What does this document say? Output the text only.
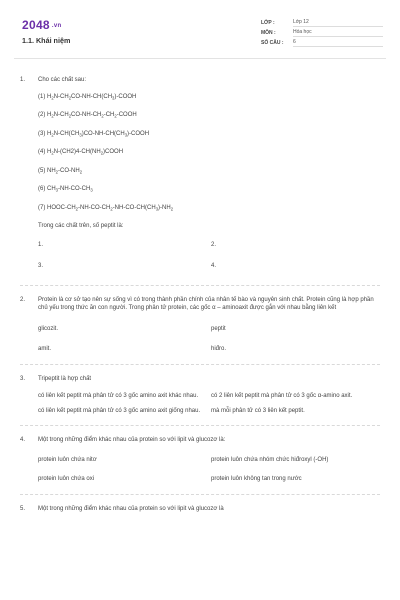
2048 $^{.vn}$
1.1. Khái niệm
LỚP :	Lớp 12
MÔN :	Hóa học
SỐ CÂU :	6
1. Cho các chất sau:
(1) $H_2N-CH_2CO-NH-CH(CH_3)$-COOH
(2) $H_2N-CH_2CO-NH-CH_2-CH_2$-COOH
(3) $H_2N-CH(CH_3)CO-NH-CH(CH_3)$-COOH
(4) $H_2N-(CH2)4-CH(NH_2)COOH$
(5) $NH_2-CO-NH_2$
(6) $CH_3-NH-CO-CH_3$
(7) HOOC-$CH_2-NH-CO-CH_2-NH-CO-CH(CH_3)-NH_2$
Trong các chất trên, số peptit là:
1.	2.
3.	4.
2. Protein là cơ sở tạo nên sự sống vì có trong thành phần chính của nhân tế bào và nguyên sinh chất. Protein cũng là hợp phần chủ yếu trong thức ăn con người. Trong phân tử protein, các gốc α – aminoaxit được gắn với nhau bằng liên kết
glicozit.	peptit
amit.	hiđro.
3. Tripeptit là hợp chất
có liên kết peptit mà phân tử có 3 gốc amino axit khác nhau.	có 2 liên kết peptit mà phân tử có 3 gốc α-amino axit.
có liên kết peptit mà phân tử có 3 gốc amino axit giống nhau.	mà mỗi phân tử có 3 liên kết peptit.
4. Một trong những điểm khác nhau của protein so với lipit và glucozơ là:
protein luôn chứa nitơ	protein luôn chứa nhóm chức hiđroxyl (-OH)
protein luôn chứa oxi	protein luôn không tan trong nước
5. Một trong những điểm khác nhau của protein so với lipit và glucozơ là
